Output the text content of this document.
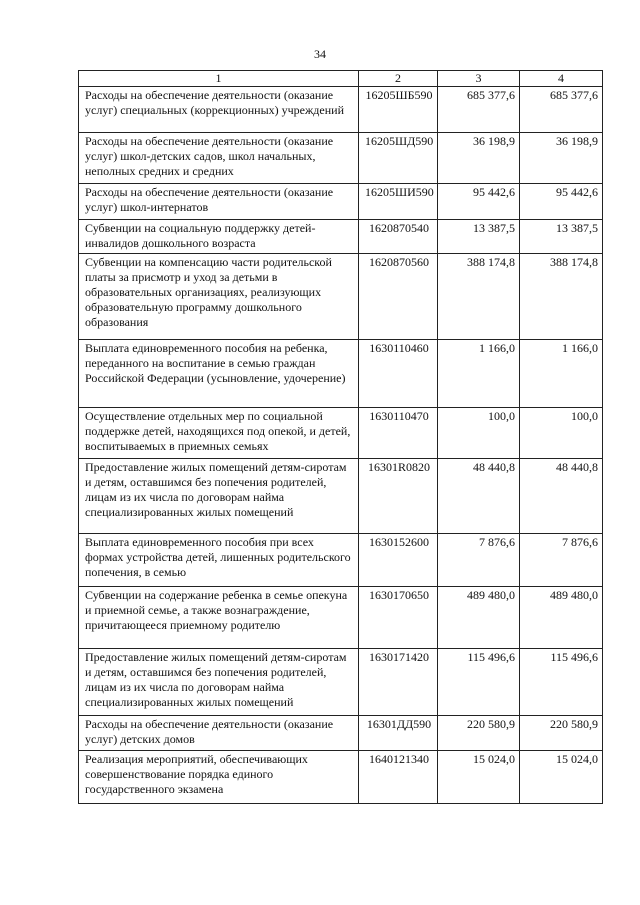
34
1	2	3	4
Расходы на обеспечение деятельности (оказание услуг) специальных (коррекционных) учреждений	16205ШБ590	685 377,6	685 377,6
Расходы на обеспечение деятельности (оказание услуг) школ-детских садов, школ начальных, неполных средних и средних	16205ШД590	36 198,9	36 198,9
Расходы на обеспечение деятельности (оказание услуг) школ-интернатов	16205ШИ590	95 442,6	95 442,6
Субвенции на социальную поддержку детей-инвалидов дошкольного возраста	1620870540	13 387,5	13 387,5
Субвенции на компенсацию части родительской платы за присмотр и уход за детьми в образовательных организациях, реализующих образовательную программу дошкольного образования	1620870560	388 174,8	388 174,8
Выплата единовременного пособия на ребенка, переданного на воспитание в семью граждан Российской Федерации (усыновление, удочерение)	1630110460	1 166,0	1 166,0
Осуществление отдельных мер по социальной поддержке детей, находящихся под опекой, и детей, воспитываемых в приемных семьях	1630110470	100,0	100,0
Предоставление жилых помещений детям-сиротам и детям, оставшимся без попечения родителей, лицам из их числа по договорам найма специализированных жилых помещений	16301R0820	48 440,8	48 440,8
Выплата единовременного пособия при всех формах устройства детей, лишенных родительского попечения, в семью	1630152600	7 876,6	7 876,6
Субвенции на содержание ребенка в семье опекуна и приемной семье, а также вознаграждение, причитающееся приемному родителю	1630170650	489 480,0	489 480,0
Предоставление жилых помещений детям-сиротам и детям, оставшимся без попечения родителей, лицам из их числа по договорам найма специализированных жилых помещений	1630171420	115 496,6	115 496,6
Расходы на обеспечение деятельности (оказание услуг) детских домов	16301ДД590	220 580,9	220 580,9
Реализация мероприятий, обеспечивающих совершенствование порядка единого государственного экзамена	1640121340	15 024,0	15 024,0
